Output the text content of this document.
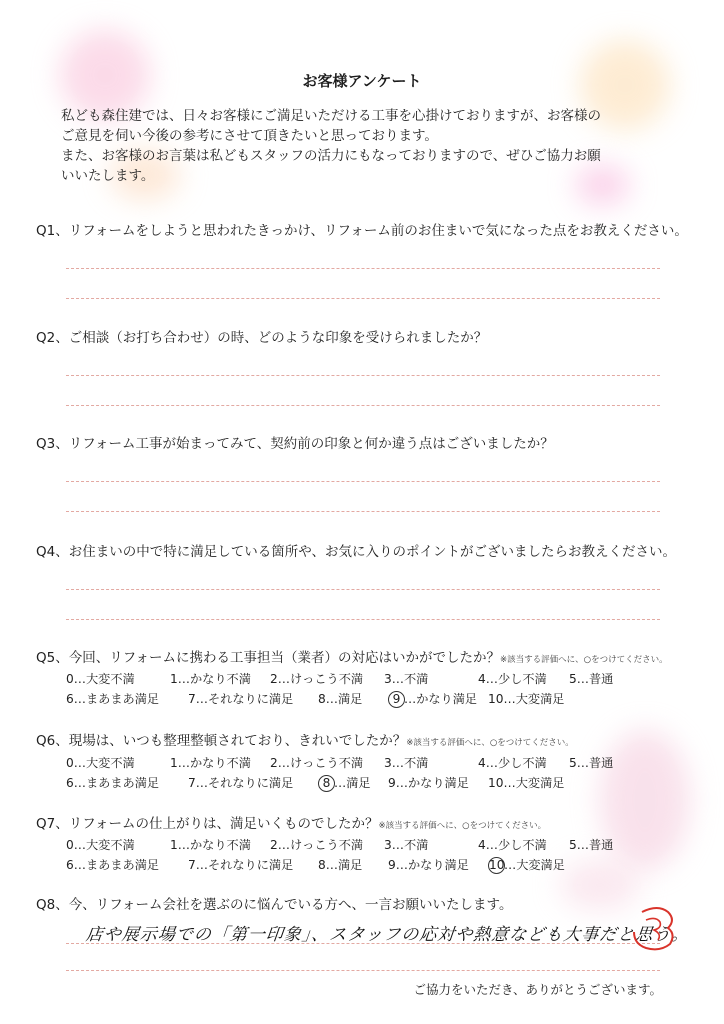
お客様アンケート
私ども森住建では、日々お客様にご満足いただける工事を心掛けておりますが、お客様の
ご意見を伺い今後の参考にさせて頂きたいと思っております。
また、お客様のお言葉は私どもスタッフの活力にもなっておりますので、ぜひご協力お願
いいたします。
Q1、リフォームをしようと思われたきっかけ、リフォーム前のお住まいで気になった点をお教えください。
Q2、ご相談（お打ち合わせ）の時、どのような印象を受けられましたか？
Q3、リフォーム工事が始まってみて、契約前の印象と何か違う点はございましたか？
Q4、お住まいの中で特に満足している箇所や、お気に入りのポイントがございましたらお教えください。
Q5、今回、リフォームに携わる工事担当（業者）の対応はいかがでしたか？※該当する評価へに、○をつけてください。
0…大変不満	1…かなり不満 2…けっこう不満 3…不満	4…少し不満 5…普通
6…まあまあ満足 7…それなりに満足 8…満足	9 …かなり満足 10…大変満足
Q6、現場は、いつも整理整頓されており、きれいでしたか？※該当する評価へに、○をつけてください。
0…大変不満	1…かなり不満 2…けっこう不満 3…不満	4…少し不満 5…普通
6…まあまあ満足 7…それなりに満足	8 …満足 9…かなり満足 10…大変満足
Q7、リフォームの仕上がりは、満足いくものでしたか？※該当する評価へに、○をつけてください。
0…大変不満	1…かなり不満 2…けっこう不満 3…不満	4…少し不満 5…普通
6…まあまあ満足 7…それなりに満足 8…満足 9…かなり満足 10…大変満足
Q8、今、リフォーム会社を選ぶのに悩んでいる方へ、一言お願いいたします。
店や展示場での「第一印象」、スタッフの応対や熱意なども大事だと思う。
ご協力をいただき、ありがとうございます。
